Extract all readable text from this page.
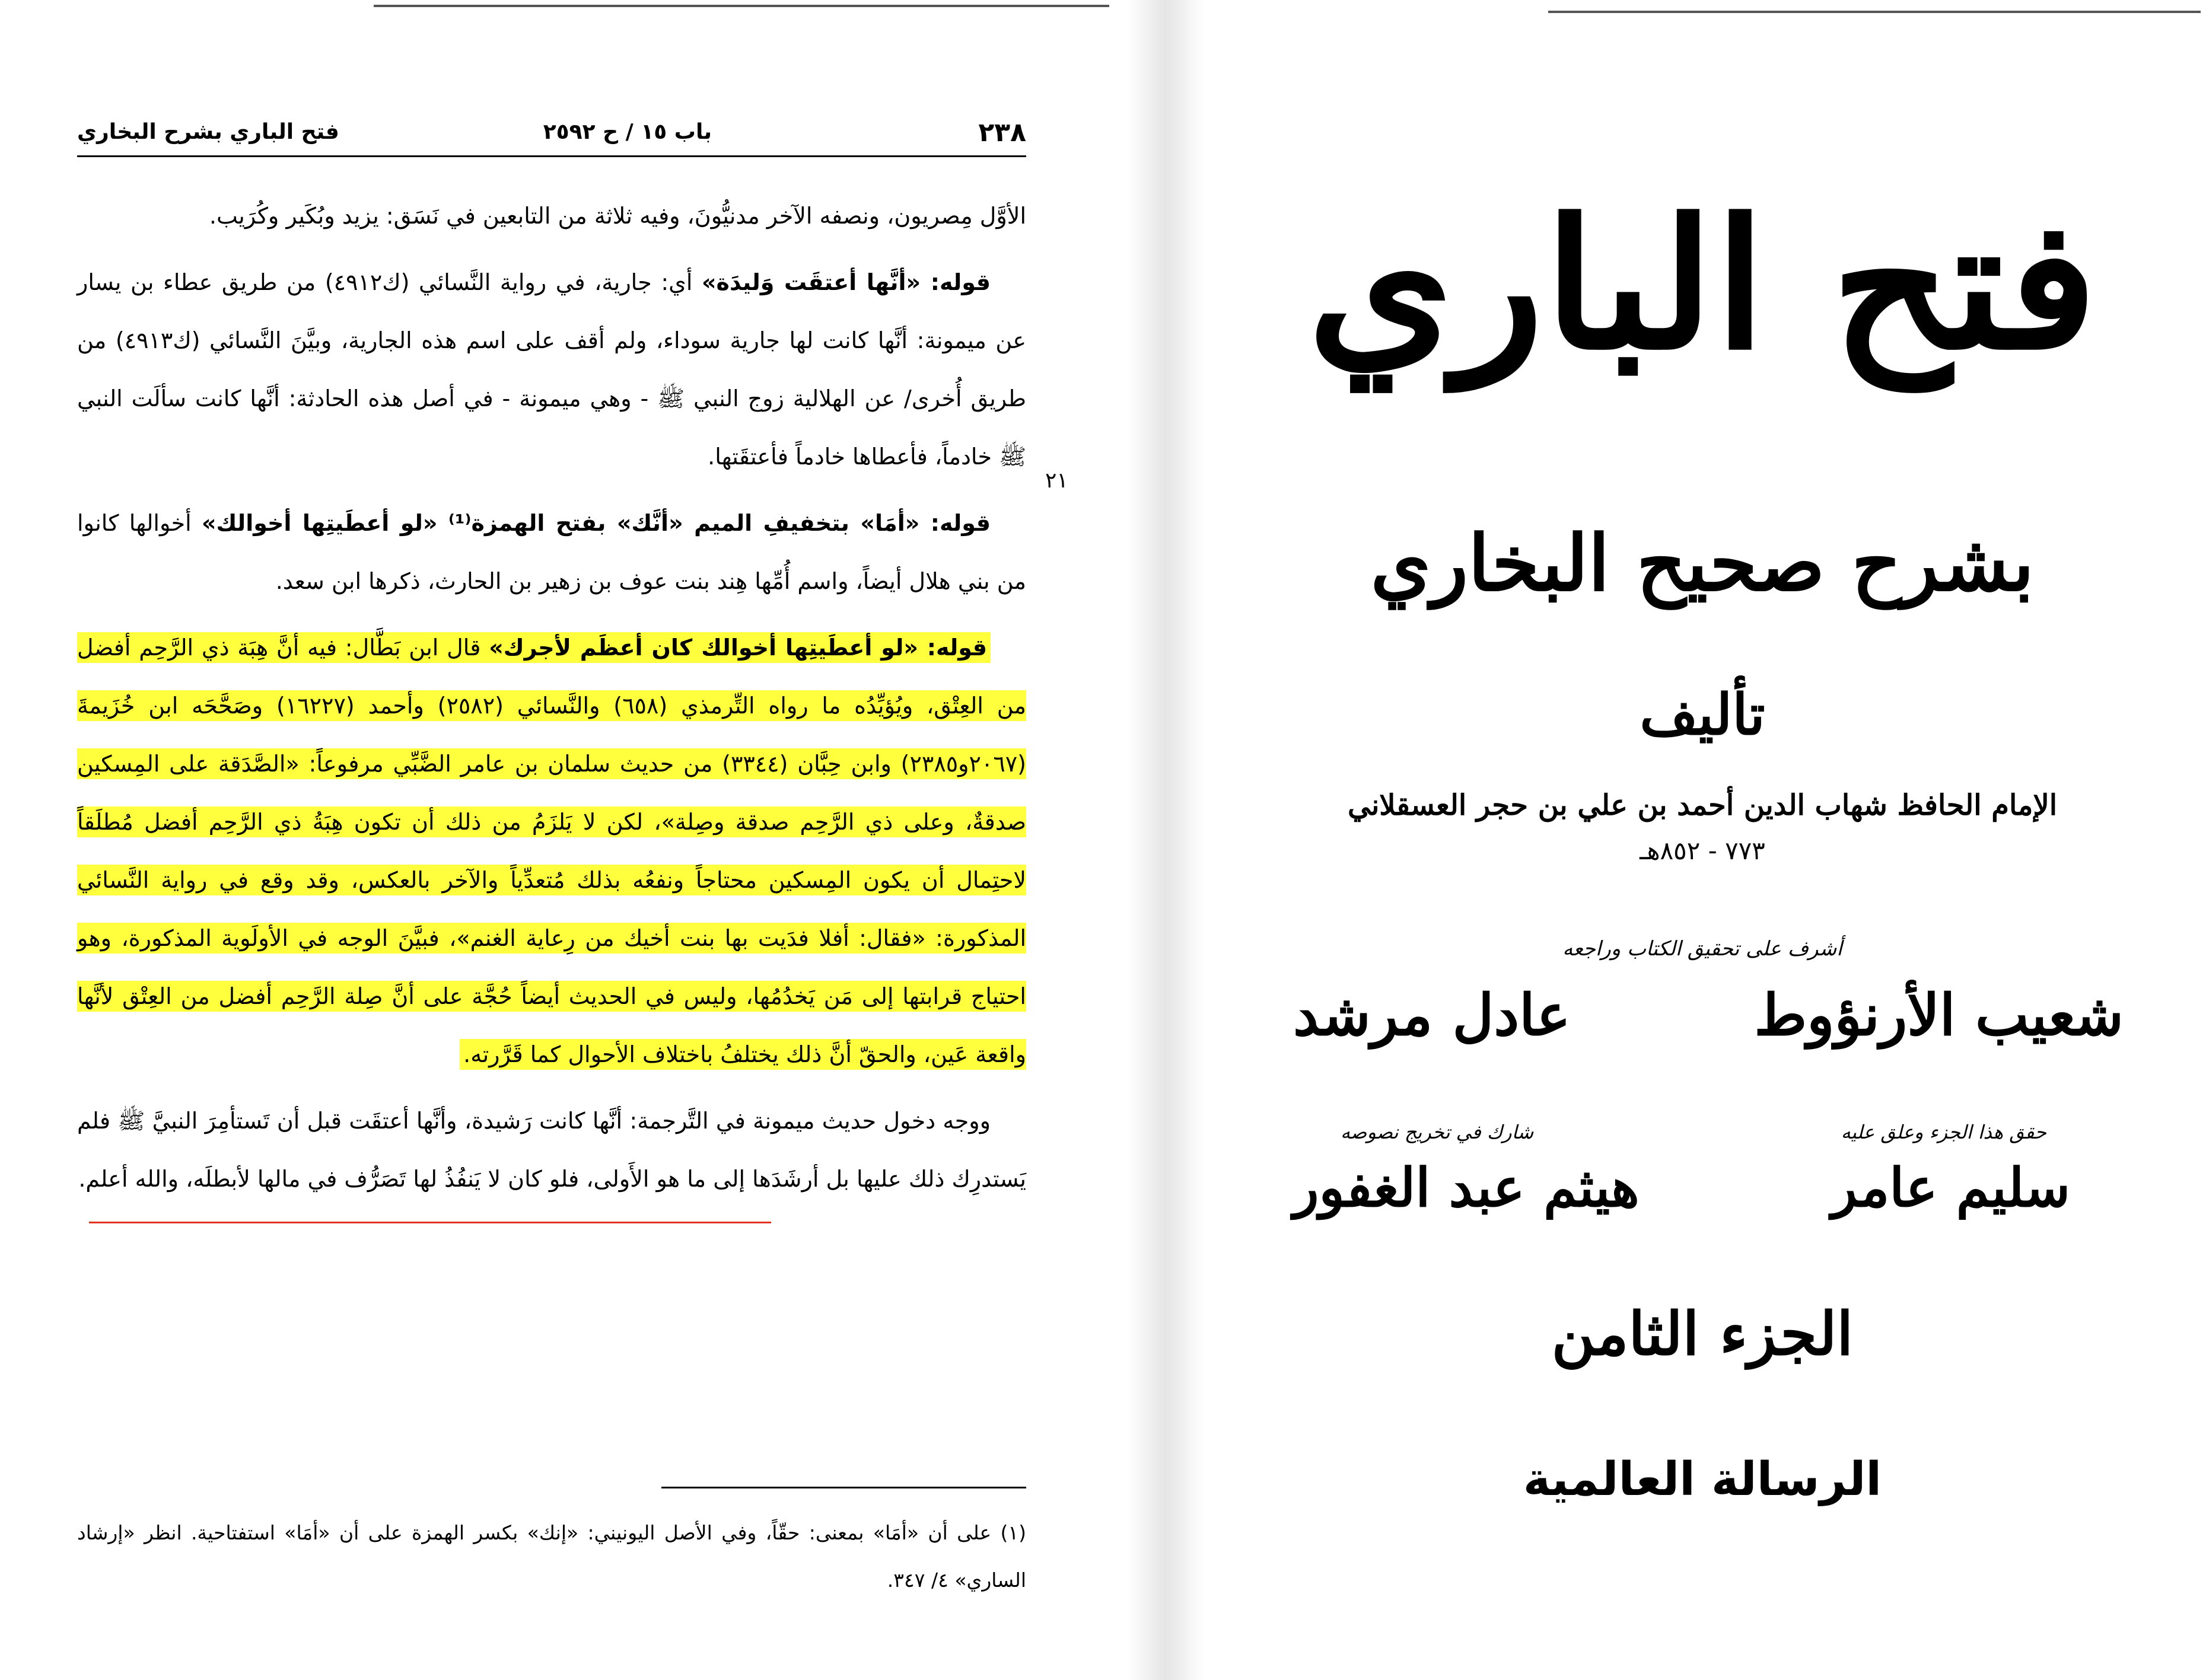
٢٣٨
باب ١٥ / ح ٢٥٩٢
فتح الباري بشرح البخاري
٢١

الأوَّل مِصريون، ونصفه الآخر مدنيُّونَ، وفيه ثلاثة من التابعين في نَسَق: يزيد وبُكَير وكُرَيب.

قوله: «أنَّها أعتقَت وَليدَة» أي: جارية، في رواية النَّسائي (ك٤٩١٢) من طريق عطاء بن يسار عن ميمونة: أنَّها كانت لها جارية سوداء، ولم أقف على اسم هذه الجارية، وبيَّنَ النَّسائي (ك٤٩١٣) من طريق أُخرى/ عن الهلالية زوج النبي ﷺ - وهي ميمونة - في أصل هذه الحادثة: أنَّها كانت سألَت النبي ﷺ خادماً، فأعطاها خادماً فأعتقَتها.

قوله: «أمَا» بتخفيفِ الميم «أنَّك» بفتح الهمزة⁽¹⁾ «لو أعطَيتِها أخوالك» أخوالها كانوا من بني هلال أيضاً، واسم أُمِّها هِند بنت عوف بن زهير بن الحارث، ذكرها ابن سعد.

قوله: «لو أعطَيتِها أخوالك كان أعظَم لأجرك» قال ابن بَطَّال: فيه أنَّ هِبَة ذي الرَّحِم أفضل من العِتْق، ويُؤيِّدُه ما رواه التِّرمذي (٦٥٨) والنَّسائي (٢٥٨٢) وأحمد (١٦٢٢٧) وصَحَّحَه ابن خُزَيمةَ (٢٠٦٧و٢٣٨٥) وابن حِبَّان (٣٣٤٤) من حديث سلمان بن عامر الضَّبِّي مرفوعاً: «الصَّدَقة على المِسكين صدقةٌ، وعلى ذي الرَّحِم صدقة وصِلة»، لكن لا يَلزَمُ من ذلك أن تكون هِبَةُ ذي الرَّحِم أفضل مُطلَقاً لاحتِمال أن يكون المِسكين محتاجاً ونفعُه بذلك مُتعدِّياً والآخر بالعكس، وقد وقع في رواية النَّسائي المذكورة: «فقال: أفلا فدَيت بها بنت أخيك من رِعاية الغنم»، فبيَّنَ الوجه في الأولَوية المذكورة، وهو احتياج قرابتها إلى مَن يَخدُمُها، وليس في الحديث أيضاً حُجَّة على أنَّ صِلة الرَّحِم أفضل من العِتْق لأنَّها واقعة عَين، والحقّ أنَّ ذلك يختلفُ باختلاف الأحوال كما قَرَّرته.

ووجه دخول حديث ميمونة في التَّرجمة: أنَّها كانت رَشيدة، وأنَّها أعتقَت قبل أن تَستأمِرَ النبيَّ ﷺ فلم يَستدرِك ذلك عليها بل أرشَدَها إلى ما هو الأَولى، فلو كان لا يَنفُذُ لها تَصَرُّف في مالها لأبطلَه، والله أعلم.

(١) على أن «أمَا» بمعنى: حقّاً، وفي الأصل اليونيني: «إنك» بكسر الهمزة على أن «أمَا» استفتاحية. انظر «إرشاد الساري» ٤/ ٣٤٧.
فتح الباري
بشرح صحيح البخاري
تأليف
الإمام الحافظ شهاب الدين أحمد بن علي بن حجر العسقلاني
٧٧٣ - ٨٥٢هـ
أشرف على تحقيق الكتاب وراجعه
شعيب الأرنؤوط
عادل مرشد
حقق هذا الجزء وعلق عليه
شارك في تخريج نصوصه
سليم عامر
هيثم عبد الغفور
الجزء الثامن
الرسالة العالمية
